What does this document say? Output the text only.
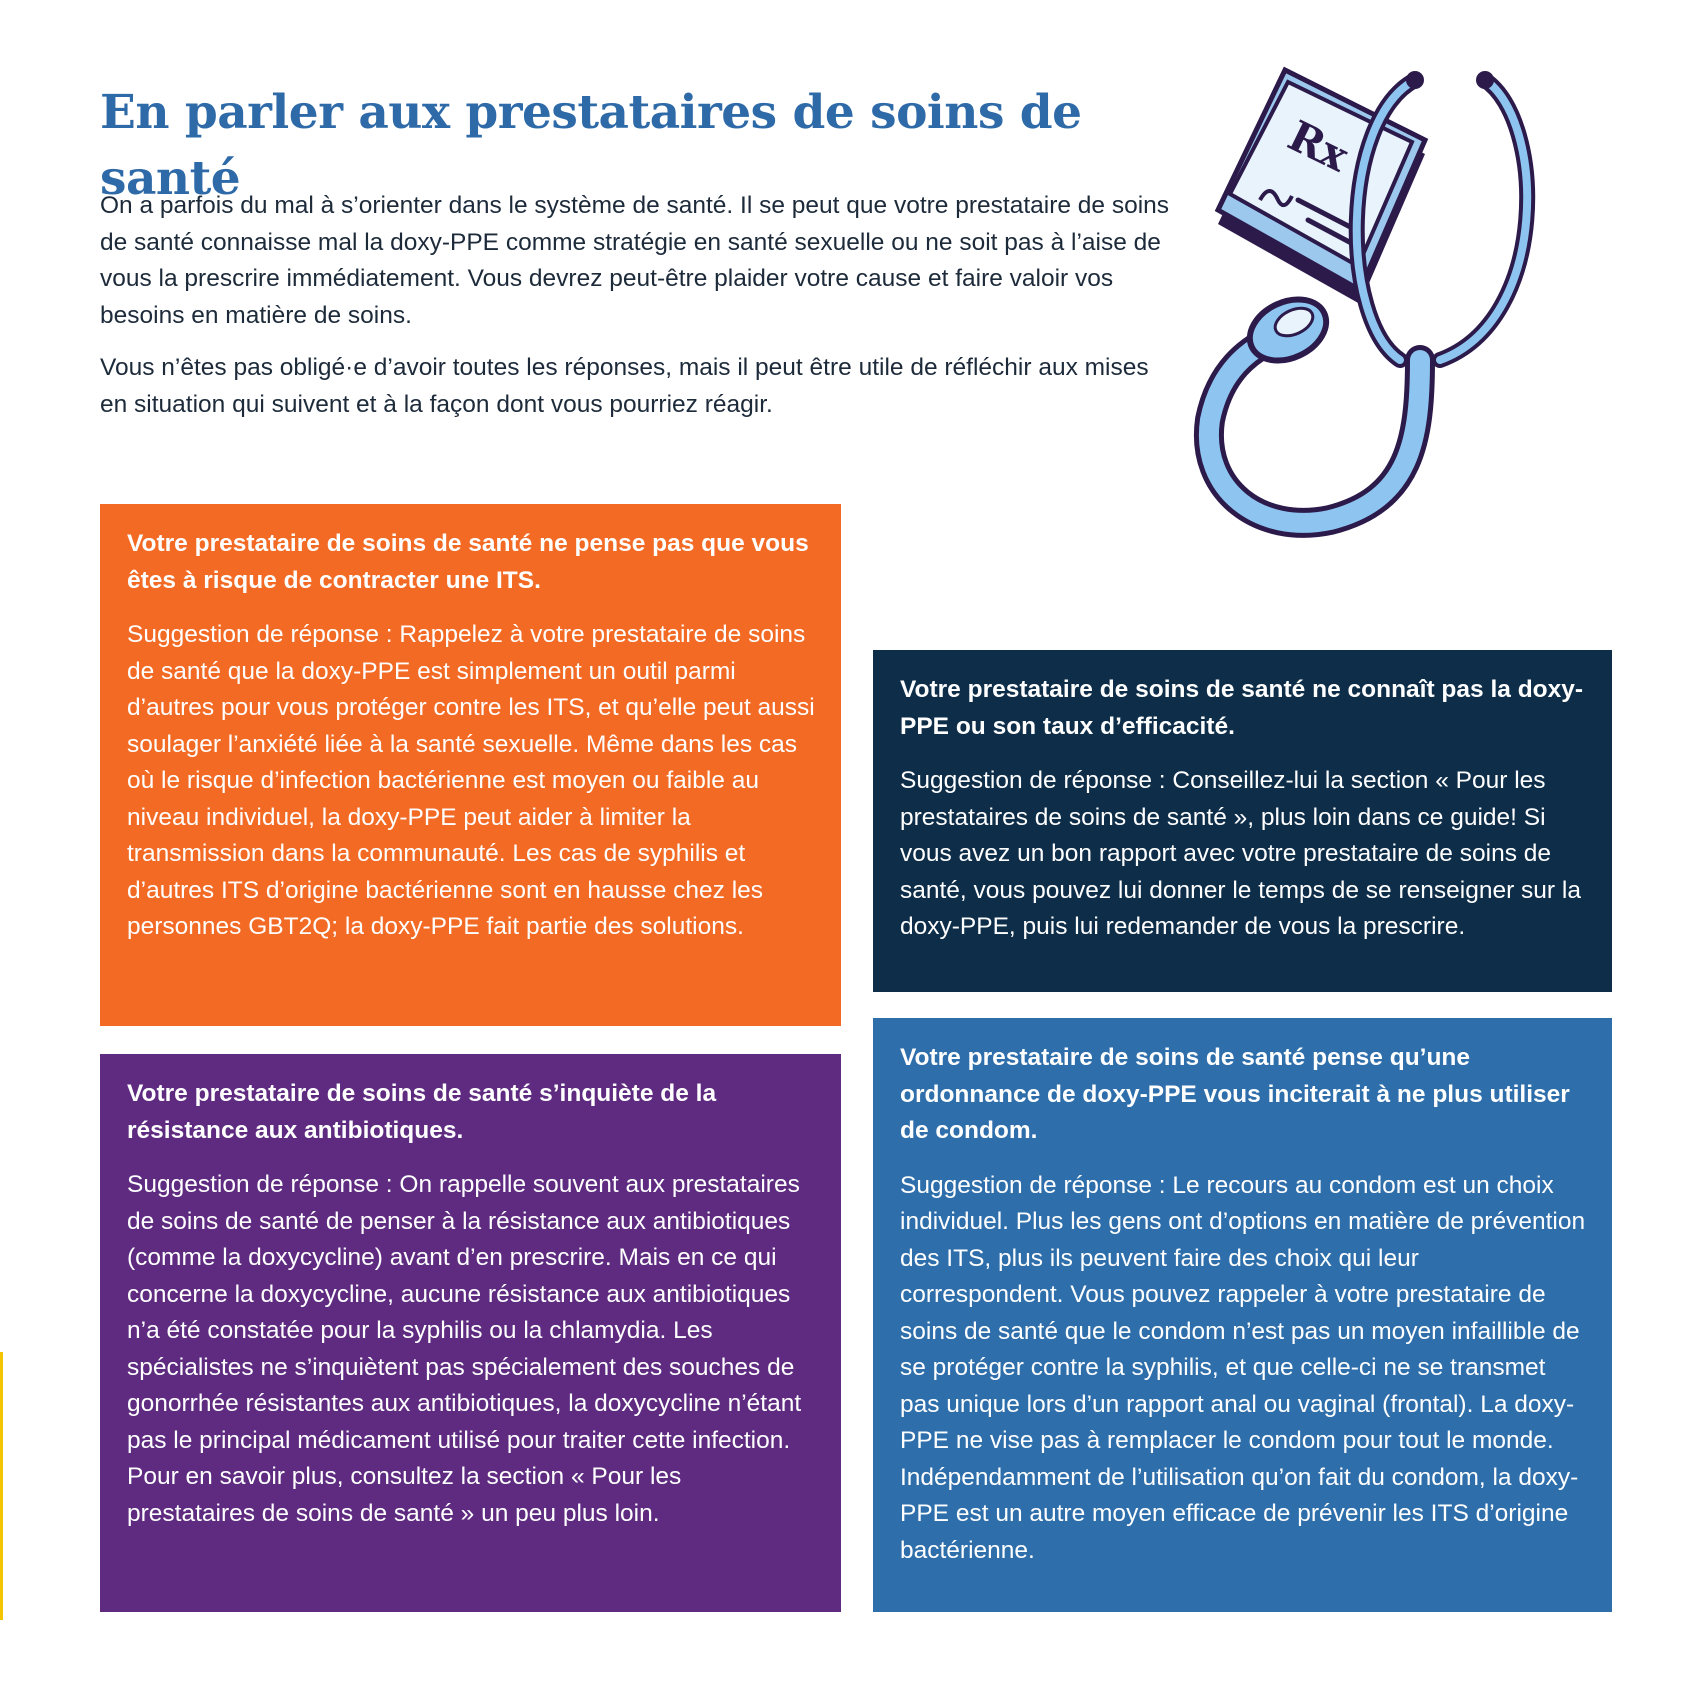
En parler aux prestataires de soins de santé

On a parfois du mal à s’orienter dans le système de santé. Il se peut que votre prestataire de soins de santé connaisse mal la doxy-PPE comme stratégie en santé sexuelle ou ne soit pas à l’aise de vous la prescrire immédiatement. Vous devrez peut-être plaider votre cause et faire valoir vos besoins en matière de soins.

Vous n’êtes pas obligé·e d’avoir toutes les réponses, mais il peut être utile de réfléchir aux mises en situation qui suivent et à la façon dont vous pourriez réagir.

Rx
Votre prestataire de soins de santé ne pense pas que vous êtes à risque de contracter une ITS.

Suggestion de réponse : Rappelez à votre prestataire de soins de santé que la doxy-PPE est simplement un outil parmi d’autres pour vous protéger contre les ITS, et qu’elle peut aussi soulager l’anxiété liée à la santé sexuelle. Même dans les cas où le risque d’infection bactérienne est moyen ou faible au niveau individuel, la doxy-PPE peut aider à limiter la transmission dans la communauté. Les cas de syphilis et d’autres ITS d’origine bactérienne sont en hausse chez les personnes GBT2Q; la doxy-PPE fait partie des solutions.

Votre prestataire de soins de santé ne connaît pas la doxy-PPE ou son taux d’efficacité.

Suggestion de réponse : Conseillez-lui la section « Pour les prestataires de soins de santé », plus loin dans ce guide! Si vous avez un bon rapport avec votre prestataire de soins de santé, vous pouvez lui donner le temps de se renseigner sur la doxy-PPE, puis lui redemander de vous la prescrire.

Votre prestataire de soins de santé s’inquiète de la résistance aux antibiotiques.

Suggestion de réponse : On rappelle souvent aux prestataires de soins de santé de penser à la résistance aux antibiotiques (comme la doxycycline) avant d’en prescrire. Mais en ce qui concerne la doxycycline, aucune résistance aux antibiotiques n’a été constatée pour la syphilis ou la chlamydia. Les spécialistes ne s’inquiètent pas spécialement des souches de gonorrhée résistantes aux antibiotiques, la doxycycline n’étant pas le principal médicament utilisé pour traiter cette infection. Pour en savoir plus, consultez la section « Pour les prestataires de soins de santé » un peu plus loin.

Votre prestataire de soins de santé pense qu’une ordonnance de doxy-PPE vous inciterait à ne plus utiliser de condom.

Suggestion de réponse : Le recours au condom est un choix individuel. Plus les gens ont d’options en matière de prévention des ITS, plus ils peuvent faire des choix qui leur correspondent. Vous pouvez rappeler à votre prestataire de soins de santé que le condom n’est pas un moyen infaillible de se protéger contre la syphilis, et que celle-ci ne se transmet pas unique lors d’un rapport anal ou vaginal (frontal). La doxy-PPE ne vise pas à remplacer le condom pour tout le monde. Indépendamment de l’utilisation qu’on fait du condom, la doxy-PPE est un autre moyen efficace de prévenir les ITS d’origine bactérienne.
